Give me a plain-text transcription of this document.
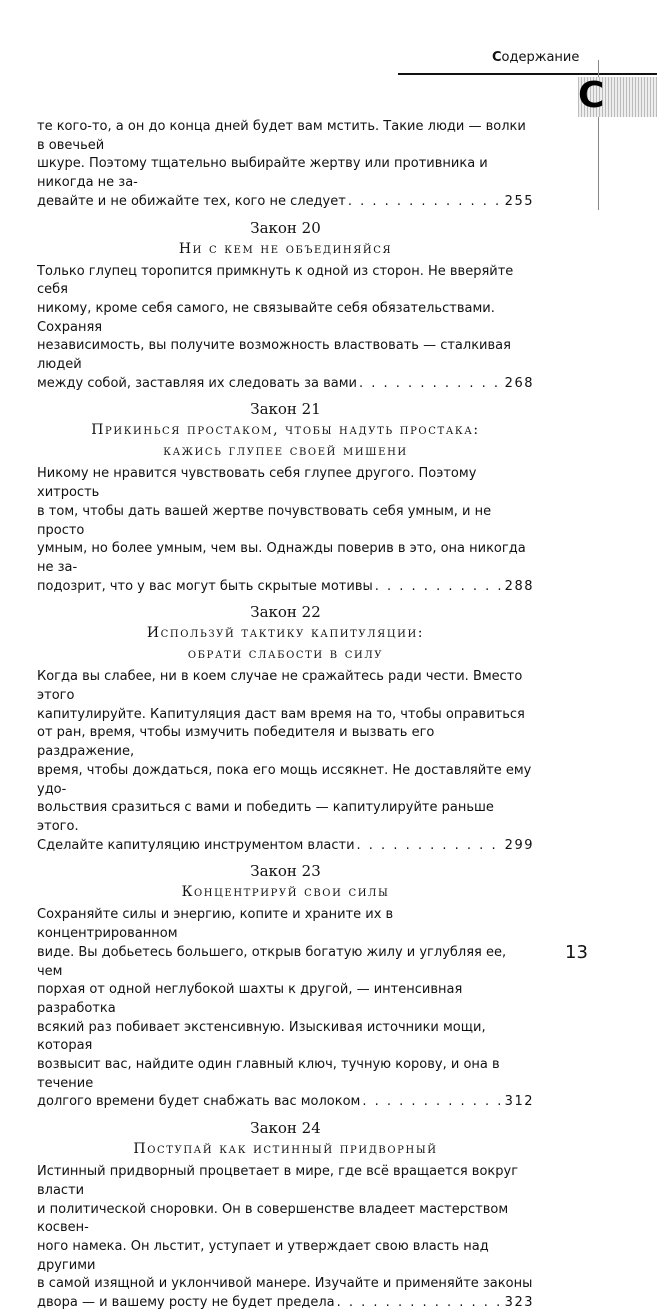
Содержание
С

те кого-то, а он до конца дней будет вам мстить. Такие люди — волки в овечьей

шкуре. Поэтому тщательно выбирайте жертву или противника и никогда не за-

девайте и не обижайте тех, кого не следует . . .	255
Закон 20
Ни с кем не объединяйся

Только глупец торопится примкнуть к одной из сторон. Не вверяйте себя

никому, кроме себя самого, не связывайте себя обязательствами. Сохраняя

независимость, вы получите возможность властвовать — сталкивая людей

между собой, заставляя их следовать за вами . . .	268
Закон 21
Прикинься простаком, чтобы надуть простака:
кажись глупее своей мишени

Никому не нравится чувствовать себя глупее другого. Поэтому хитрость

в том, чтобы дать вашей жертве почувствовать себя умным, и не просто

умным, но более умным, чем вы. Однажды поверив в это, она никогда не за-

подозрит, что у вас могут быть скрытые мотивы . . .	288
Закон 22
Используй тактику капитуляции:
обрати слабости в силу

Когда вы слабее, ни в коем случае не сражайтесь ради чести. Вместо этого

капитулируйте. Капитуляция даст вам время на то, чтобы оправиться

от ран, время, чтобы измучить победителя и вызвать его раздражение,

время, чтобы дождаться, пока его мощь иссякнет. Не доставляйте ему удо-

вольствия сразиться с вами и победить — капитулируйте раньше этого.

Сделайте капитуляцию инструментом власти . . .	299
Закон 23
Концентрируй свои силы

Сохраняйте силы и энергию, копите и храните их в концентрированном

виде. Вы добьетесь большего, открыв богатую жилу и углубляя ее, чем

порхая от одной неглубокой шахты к другой, — интенсивная разработка

всякий раз побивает экстенсивную. Изыскивая источники мощи, которая

возвысит вас, найдите один главный ключ, тучную корову, и она в течение

долгого времени будет снабжать вас молоком . . .	312
Закон 24
Поступай как истинный придворный

Истинный придворный процветает в мире, где всё вращается вокруг власти

и политической сноровки. Он в совершенстве владеет мастерством косвен-

ного намека. Он льстит, уступает и утверждает свою власть над другими

в самой изящной и уклончивой манере. Изучайте и применяйте законы

двора — и вашему росту не будет предела . . .	323
13
